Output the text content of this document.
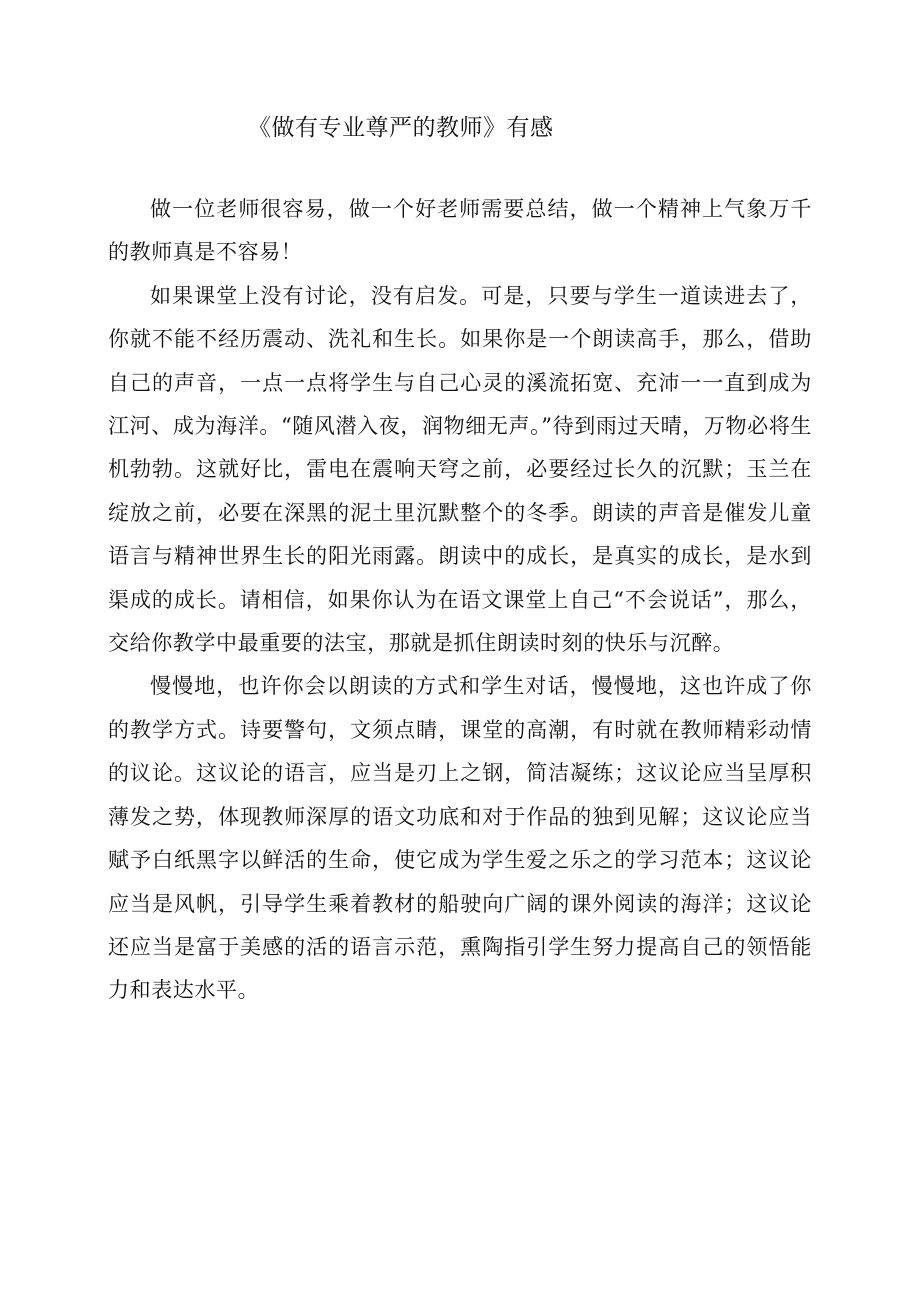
《做有专业尊严的教师》有感

做一位老师很容易，做一个好老师需要总结，做一个精神上气象万千的教师真是不容易！

如果课堂上没有讨论，没有启发。可是，只要与学生一道读进去了，你就不能不经历震动、洗礼和生长。如果你是一个朗读高手，那么，借助自己的声音，一点一点将学生与自己心灵的溪流拓宽、充沛一一直到成为江河、成为海洋。“随风潜入夜，润物细无声。”待到雨过天晴，万物必将生机勃勃。这就好比，雷电在震响天穹之前，必要经过长久的沉默；玉兰在绽放之前，必要在深黑的泥土里沉默整个的冬季。朗读的声音是催发儿童语言与精神世界生长的阳光雨露。朗读中的成长，是真实的成长，是水到渠成的成长。请相信，如果你认为在语文课堂上自己“不会说话”，那么，交给你教学中最重要的法宝，那就是抓住朗读时刻的快乐与沉醉。

慢慢地，也许你会以朗读的方式和学生对话，慢慢地，这也许成了你的教学方式。诗要警句，文须点睛，课堂的高潮，有时就在教师精彩动情的议论。这议论的语言，应当是刃上之钢，简洁凝练；这议论应当呈厚积薄发之势，体现教师深厚的语文功底和对于作品的独到见解；这议论应当赋予白纸黑字以鲜活的生命，使它成为学生爱之乐之的学习范本；这议论应当是风帆，引导学生乘着教材的船驶向广阔的课外阅读的海洋；这议论还应当是富于美感的活的语言示范，熏陶指引学生努力提高自己的领悟能力和表达水平。
